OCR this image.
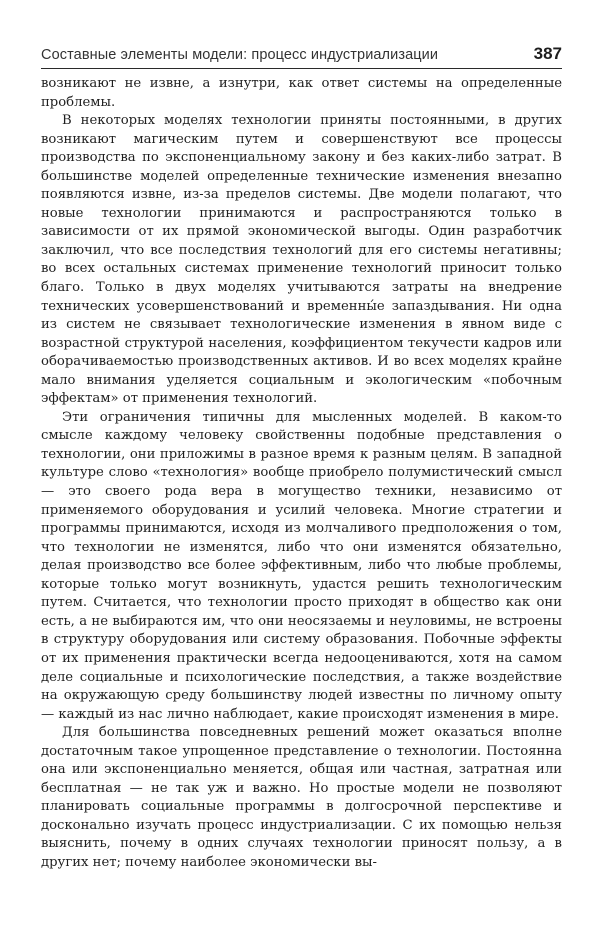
Составные элементы модели: процесс индустриализации	387

возникают не извне, а изнутри, как ответ системы на определенные проблемы.

В некоторых моделях технологии приняты постоянными, в других возникают магическим путем и совершенствуют все процессы производства по экспоненциальному закону и без каких-либо затрат. В большинстве моделей определенные технические изменения внезапно появляются извне, из-за пределов системы. Две модели полагают, что новые технологии принимаются и распространяются только в зависимости от их прямой экономической выгоды. Один разработчик заключил, что все последствия технологий для его системы негативны; во всех остальных системах применение технологий приносит только благо. Только в двух моделях учитываются затраты на внедрение технических усовершенствований и временны́е запаздывания. Ни одна из систем не связывает технологические изменения в явном виде с возрастной структурой населения, коэффициентом текучести кадров или оборачиваемостью производственных активов. И во всех моделях крайне мало внимания уделяется социальным и экологическим «побочным эффектам» от применения технологий.

Эти ограничения типичны для мысленных моделей. В каком-то смысле каждому человеку свойственны подобные представления о технологии, они приложимы в разное время к разным целям. В западной культуре слово «технология» вообще приобрело полумистический смысл — это своего рода вера в могущество техники, независимо от применяемого оборудования и усилий человека. Многие стратегии и программы принимаются, исходя из молчаливого предположения о том, что технологии не изменятся, либо что они изменятся обязательно, делая производство все более эффективным, либо что любые проблемы, которые только могут возникнуть, удастся решить технологическим путем. Считается, что технологии просто приходят в общество как они есть, а не выбираются им, что они неосязаемы и неуловимы, не встроены в структуру оборудования или систему образования. Побочные эффекты от их применения практически всегда недооцениваются, хотя на самом деле социальные и психологические последствия, а также воздействие на окружающую среду большинству людей известны по личному опыту — каждый из нас лично наблюдает, какие происходят изменения в мире.

Для большинства повседневных решений может оказаться вполне достаточным такое упрощенное представление о технологии. Постоянна она или экспоненциально меняется, общая или частная, затратная или бесплатная — не так уж и важно. Но простые модели не позволяют планировать социальные программы в долгосрочной перспективе и досконально изучать процесс индустриализации. С их помощью нельзя выяснить, почему в одних случаях технологии приносят пользу, а в других нет; почему наиболее экономически вы-
